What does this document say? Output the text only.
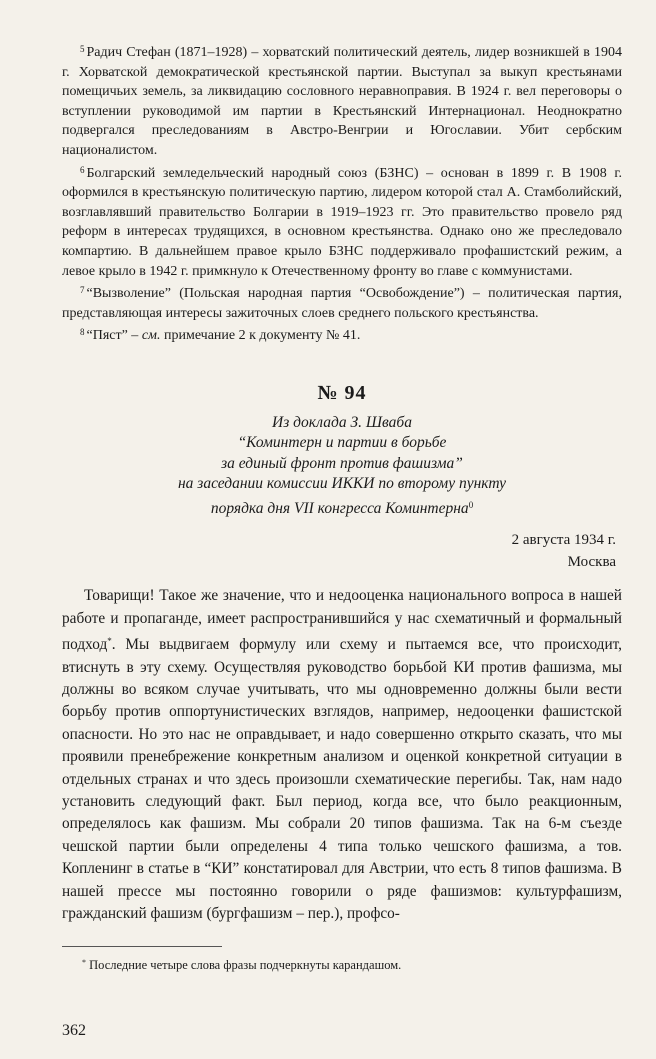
$^5$ Радич Стефан (1871–1928) – хорватский политический деятель, лидер возникшей в 1904 г. Хорватской демократической крестьянской партии. Выступал за выкуп крестьянами помещичьих земель, за ликвидацию сословного неравноправия. В 1924 г. вел переговоры о вступлении руководимой им партии в Крестьянский Интернационал. Неоднократно подвергался преследованиям в Австро-Венгрии и Югославии. Убит сербским националистом.

$^6$ Болгарский земледельческий народный союз (БЗНС) – основан в 1899 г. В 1908 г. оформился в крестьянскую политическую партию, лидером которой стал А. Стамболийский, возглавлявший правительство Болгарии в 1919–1923 гг. Это правительство провело ряд реформ в интересах трудящихся, в основном крестьянства. Однако оно же преследовало компартию. В дальнейшем правое крыло БЗНС поддерживало профашистский режим, а левое крыло в 1942 г. примкнуло к Отечественному фронту во главе с коммунистами.

$^7$ “Вызволение” (Польская народная партия “Освобождение”) – политическая партия, представляющая интересы зажиточных слоев среднего польского крестьянства.

$^8$ “Пяст” – см. примечание 2 к документу № 41.

№ 94
Из доклада З. Шваба
“Коминтерн и партии в борьбе
за единый фронт против фашизма”
на заседании комиссии ИККИ по второму пункту
порядка дня VII конгресса Коминтерна$^0$
2 августа 1934 г.
Москва

Товарищи! Такое же значение, что и недооценка национального вопроса в нашей работе и пропаганде, имеет распространившийся у нас схематичный и формальный подход*. Мы выдвигаем формулу или схему и пытаемся все, что происходит, втиснуть в эту схему. Осуществляя руководство борьбой КИ против фашизма, мы должны во всяком случае учитывать, что мы одновременно должны были вести борьбу против оппортунистических взглядов, например, недооценки фашистской опасности. Но это нас не оправдывает, и надо совершенно открыто сказать, что мы проявили пренебрежение конкретным анализом и оценкой конкретной ситуации в отдельных странах и что здесь произошли схематические перегибы. Так, нам надо установить следующий факт. Был период, когда все, что было реакционным, определялось как фашизм. Мы собрали 20 типов фашизма. Так на 6-м съезде чешской партии были определены 4 типа только чешского фашизма, а тов. Копленинг в статье в “КИ” констатировал для Австрии, что есть 8 типов фашизма. В нашей прессе мы постоянно говорили о ряде фашизмов: культурфашизм, гражданский фашизм (бургфашизм – пер.), профсо-

* Последние четыре слова фразы подчеркнуты карандашом.

362
